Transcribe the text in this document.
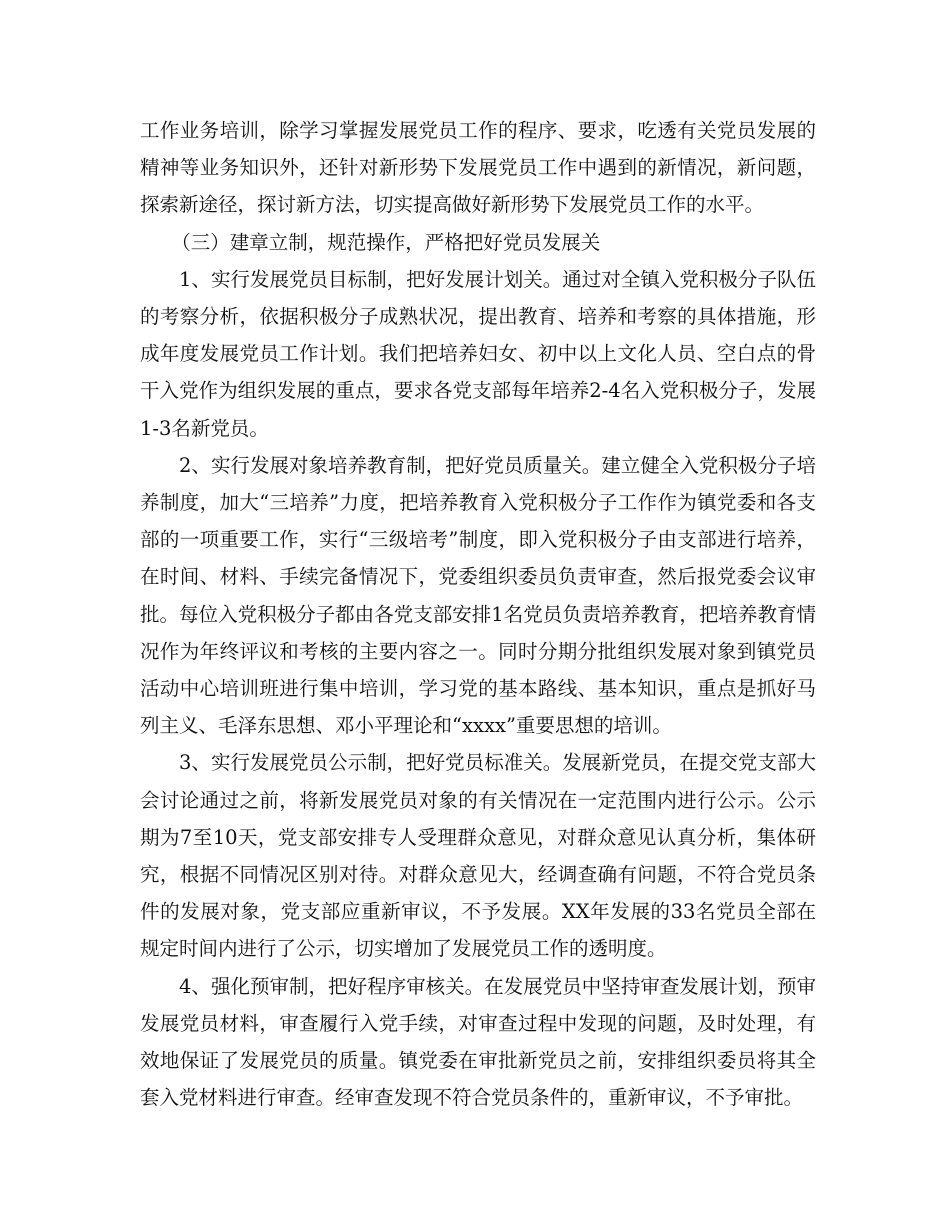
工作业务培训，除学习掌握发展党员工作的程序、要求，吃透有关党员发展的精神等业务知识外，还针对新形势下发展党员工作中遇到的新情况，新问题，探索新途径，探讨新方法，切实提高做好新形势下发展党员工作的水平。

（三）建章立制，规范操作，严格把好党员发展关

1、实行发展党员目标制，把好发展计划关。通过对全镇入党积极分子队伍的考察分析，依据积极分子成熟状况，提出教育、培养和考察的具体措施，形成年度发展党员工作计划。我们把培养妇女、初中以上文化人员、空白点的骨干入党作为组织发展的重点，要求各党支部每年培养2-4名入党积极分子，发展1-3名新党员。

2、实行发展对象培养教育制，把好党员质量关。建立健全入党积极分子培养制度，加大“三培养”力度，把培养教育入党积极分子工作作为镇党委和各支部的一项重要工作，实行“三级培考”制度，即入党积极分子由支部进行培养，在时间、材料、手续完备情况下，党委组织委员负责审查，然后报党委会议审批。每位入党积极分子都由各党支部安排1名党员负责培养教育，把培养教育情况作为年终评议和考核的主要内容之一。同时分期分批组织发展对象到镇党员活动中心培训班进行集中培训，学习党的基本路线、基本知识，重点是抓好马列主义、毛泽东思想、邓小平理论和“xxxx”重要思想的培训。

3、实行发展党员公示制，把好党员标准关。发展新党员，在提交党支部大会讨论通过之前，将新发展党员对象的有关情况在一定范围内进行公示。公示期为7至10天，党支部安排专人受理群众意见，对群众意见认真分析，集体研究，根据不同情况区别对待。对群众意见大，经调查确有问题，不符合党员条件的发展对象，党支部应重新审议，不予发展。XX年发展的33名党员全部在规定时间内进行了公示，切实增加了发展党员工作的透明度。

4、强化预审制，把好程序审核关。在发展党员中坚持审查发展计划，预审发展党员材料，审查履行入党手续，对审查过程中发现的问题，及时处理，有效地保证了发展党员的质量。镇党委在审批新党员之前，安排组织委员将其全套入党材料进行审查。经审查发现不符合党员条件的，重新审议，不予审批。
